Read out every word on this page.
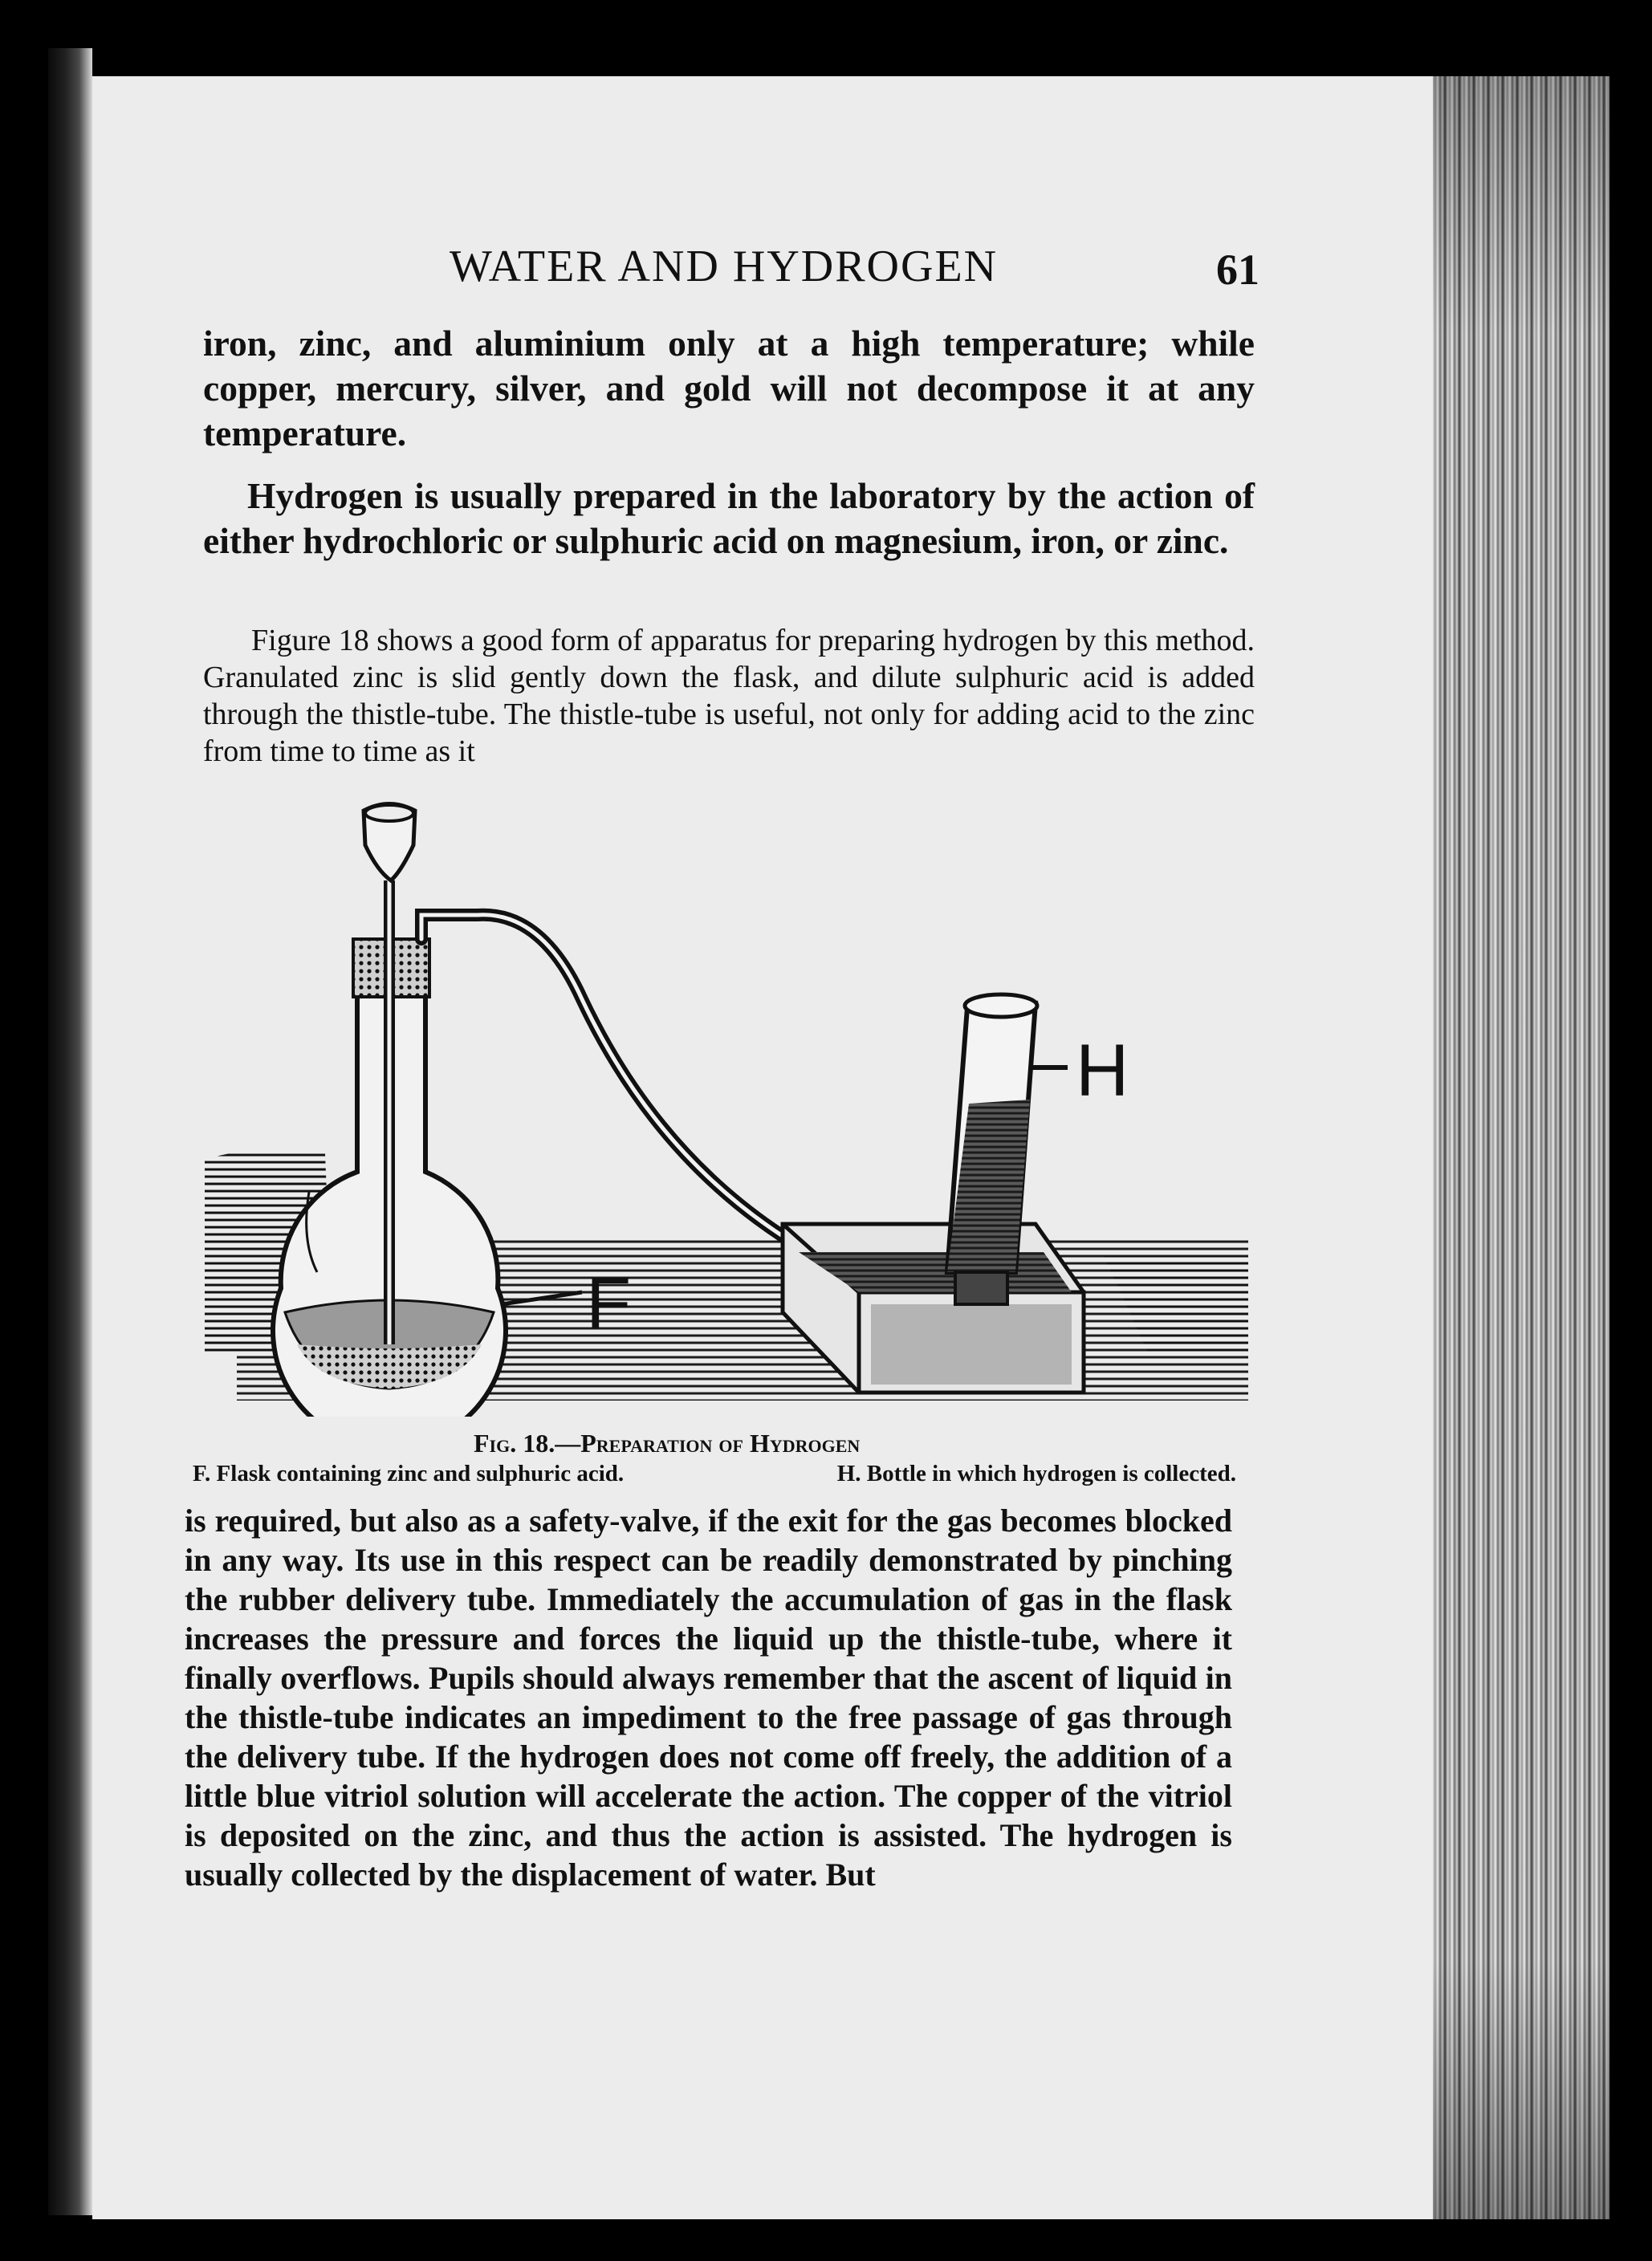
WATER AND HYDROGEN	61

iron, zinc, and aluminium only at a high temperature; while copper, mercury, silver, and gold will not decompose it at any temperature.

Hydrogen is usually prepared in the laboratory by the action of either hydrochloric or sulphuric acid on magnesium, iron, or zinc.

Figure 18 shows a good form of apparatus for preparing hydrogen by this method. Granulated zinc is slid gently down the flask, and dilute sulphuric acid is added through the thistle-tube. The thistle-tube is useful, not only for adding acid to the zinc from time to time as it

F
H
Fig. 18.—Preparation of Hydrogen
F. Flask containing zinc and sulphuric acid.	H. Bottle in which hydrogen is collected.

is required, but also as a safety-valve, if the exit for the gas becomes blocked in any way. Its use in this respect can be readily demonstrated by pinching the rubber delivery tube. Immediately the accumulation of gas in the flask increases the pressure and forces the liquid up the thistle-tube, where it finally overflows. Pupils should always remember that the ascent of liquid in the thistle-tube indicates an impediment to the free passage of gas through the delivery tube. If the hydrogen does not come off freely, the addition of a little blue vitriol solution will accelerate the action. The copper of the vitriol is deposited on the zinc, and thus the action is assisted. The hydrogen is usually collected by the displacement of water. But
